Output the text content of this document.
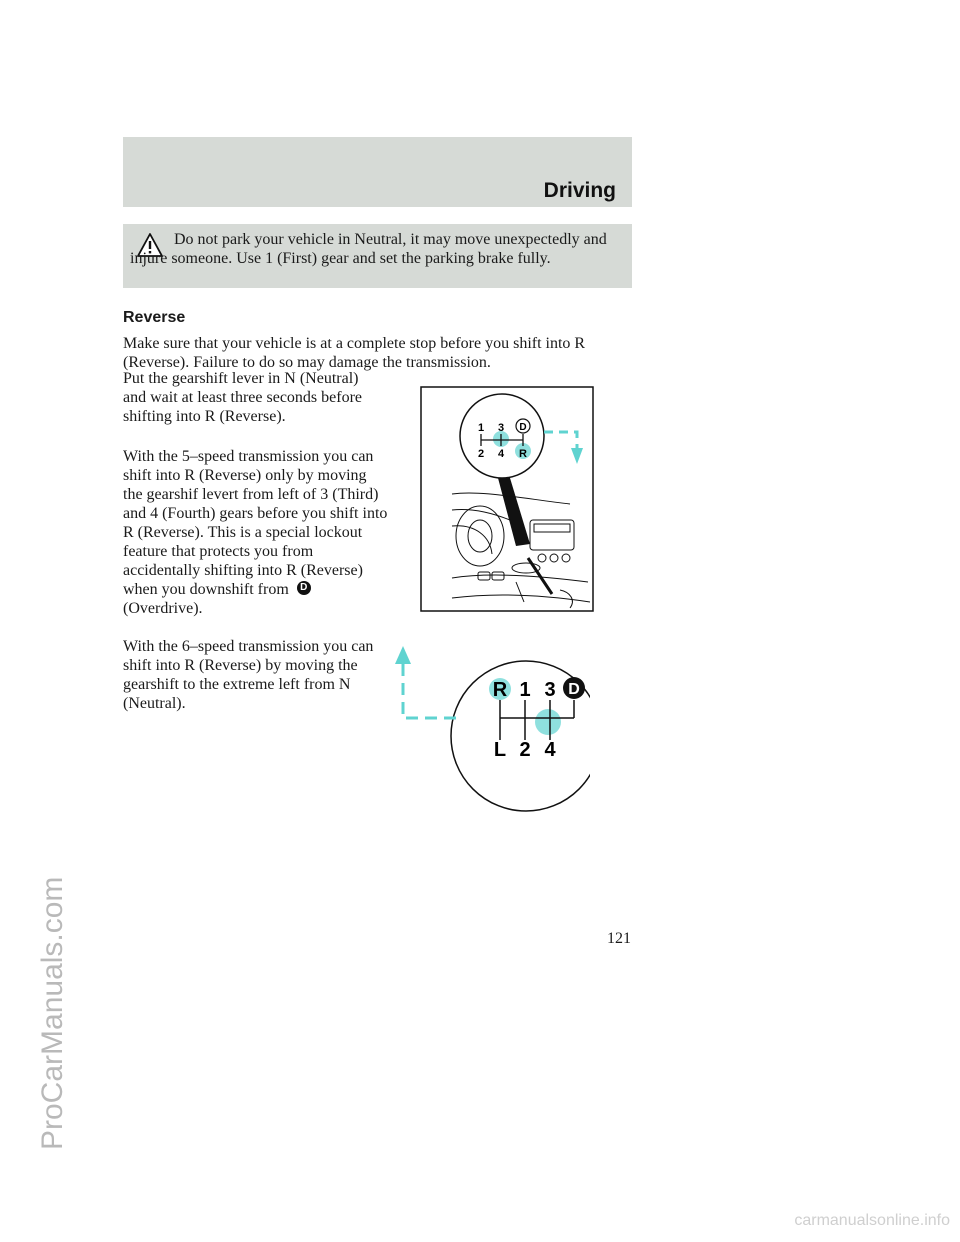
Driving
Do not park your vehicle in Neutral, it may move unexpectedly and injure someone. Use 1 (First) gear and set the parking brake fully.
Reverse
Make sure that your vehicle is at a complete stop before you shift into R (Reverse). Failure to do so may damage the transmission.
Put the gearshift lever in N (Neutral) and wait at least three seconds before shifting into R (Reverse).
With the 5–speed transmission you can shift into R (Reverse) only by moving the gearshif levert from left of 3 (Third) and 4 (Fourth) gears before you shift into R (Reverse). This is a special lockout feature that protects you from accidentally shifting into R (Reverse) when you downshift from D(Overdrive).
With the 6–speed transmission you can shift into R (Reverse) by moving the gearshift to the extreme left from N (Neutral).
1 3 D
2 4 R
R 1 3 D
L 2 4
121
ProCarManuals.com
carmanualsonline.info
